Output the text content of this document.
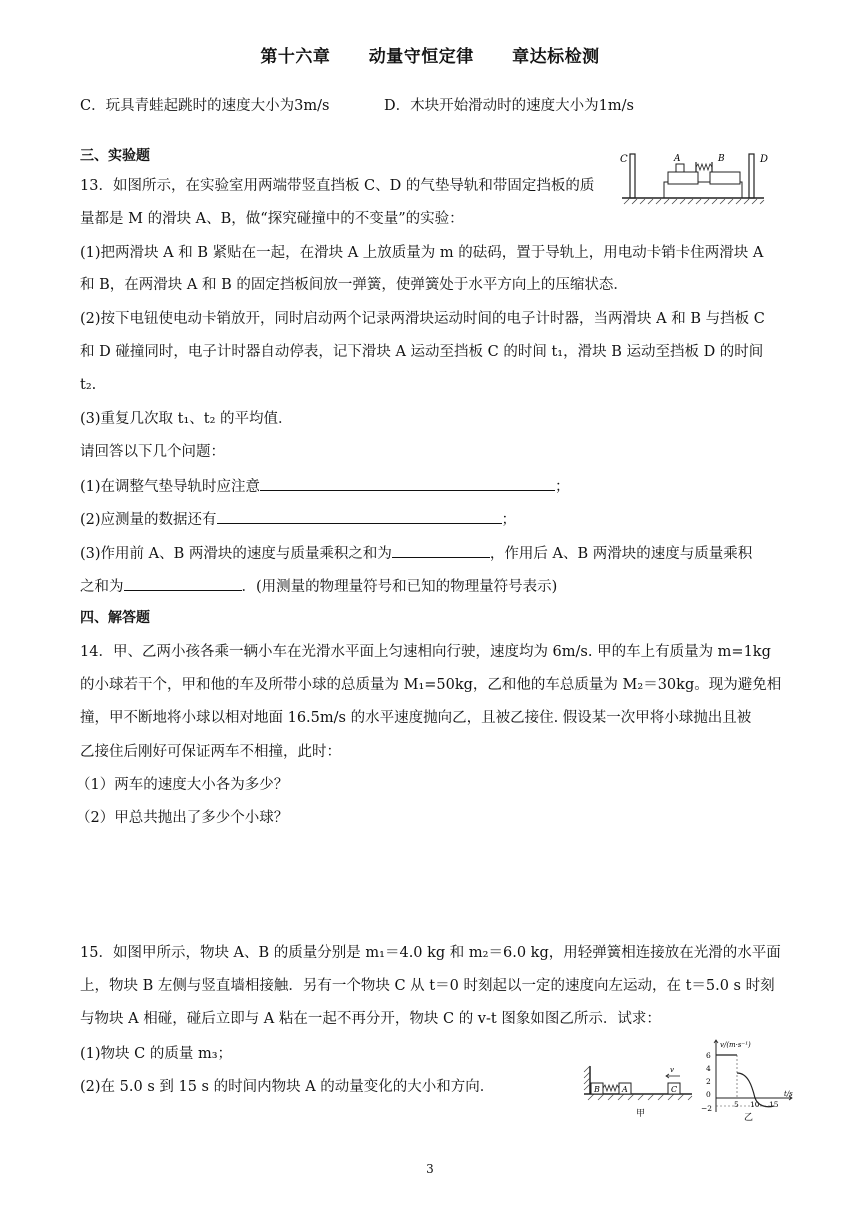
第十六章 动量守恒定律 章达标检测
C．玩具青蛙起跳时的速度大小为3m/s	D．木块开始滑动时的速度大小为1m/s
三、实验题
13．如图所示，在实验室用两端带竖直挡板 C、D 的气垫导轨和带固定挡板的质
量都是 M 的滑块 A、B，做“探究碰撞中的不变量”的实验：
(1)把两滑块 A 和 B 紧贴在一起，在滑块 A 上放质量为 m 的砝码，置于导轨上，用电动卡销卡住两滑块 A
和 B，在两滑块 A 和 B 的固定挡板间放一弹簧，使弹簧处于水平方向上的压缩状态．
(2)按下电钮使电动卡销放开，同时启动两个记录两滑块运动时间的电子计时器，当两滑块 A 和 B 与挡板 C
和 D 碰撞同时，电子计时器自动停表，记下滑块 A 运动至挡板 C 的时间 t₁，滑块 B 运动至挡板 D 的时间
t₂.
(3)重复几次取 t₁、t₂ 的平均值．
请回答以下几个问题：
(1)在调整气垫导轨时应注意	；
(2)应测量的数据还有	；
(3)作用前 A、B 两滑块的速度与质量乘积之和为	，作用后 A、B 两滑块的速度与质量乘积
之和为	．(用测量的物理量符号和已知的物理量符号表示)
C	D
A	B
四、解答题
14．甲、乙两小孩各乘一辆小车在光滑水平面上匀速相向行驶，速度均为 6m/s. 甲的车上有质量为 m=1kg
的小球若干个，甲和他的车及所带小球的总质量为 M₁=50kg，乙和他的车总质量为 M₂＝30kg。现为避免相
撞，甲不断地将小球以相对地面 16.5m/s 的水平速度抛向乙，且被乙接住. 假设某一次甲将小球抛出且被
乙接住后刚好可保证两车不相撞，此时：
（1）两车的速度大小各为多少？
（2）甲总共抛出了多少个小球？
15．如图甲所示，物块 A、B 的质量分别是 m₁＝4.0 kg 和 m₂＝6.0 kg，用轻弹簧相连接放在光滑的水平面
上，物块 B 左侧与竖直墙相接触．另有一个物块 C 从 t＝0 时刻起以一定的速度向左运动，在 t＝5.0 s 时刻
与物块 A 相碰，碰后立即与 A 粘在一起不再分开，物块 C 的 v-t 图象如图乙所示．试求：
(1)物块 C 的质量 m₃；
(2)在 5.0 s 到 15 s 的时间内物块 A 的动量变化的大小和方向．	B	A	C
v
甲
v/(m·s⁻¹)
t/s
6
4
2
0
−2	5 10 15
乙
3
